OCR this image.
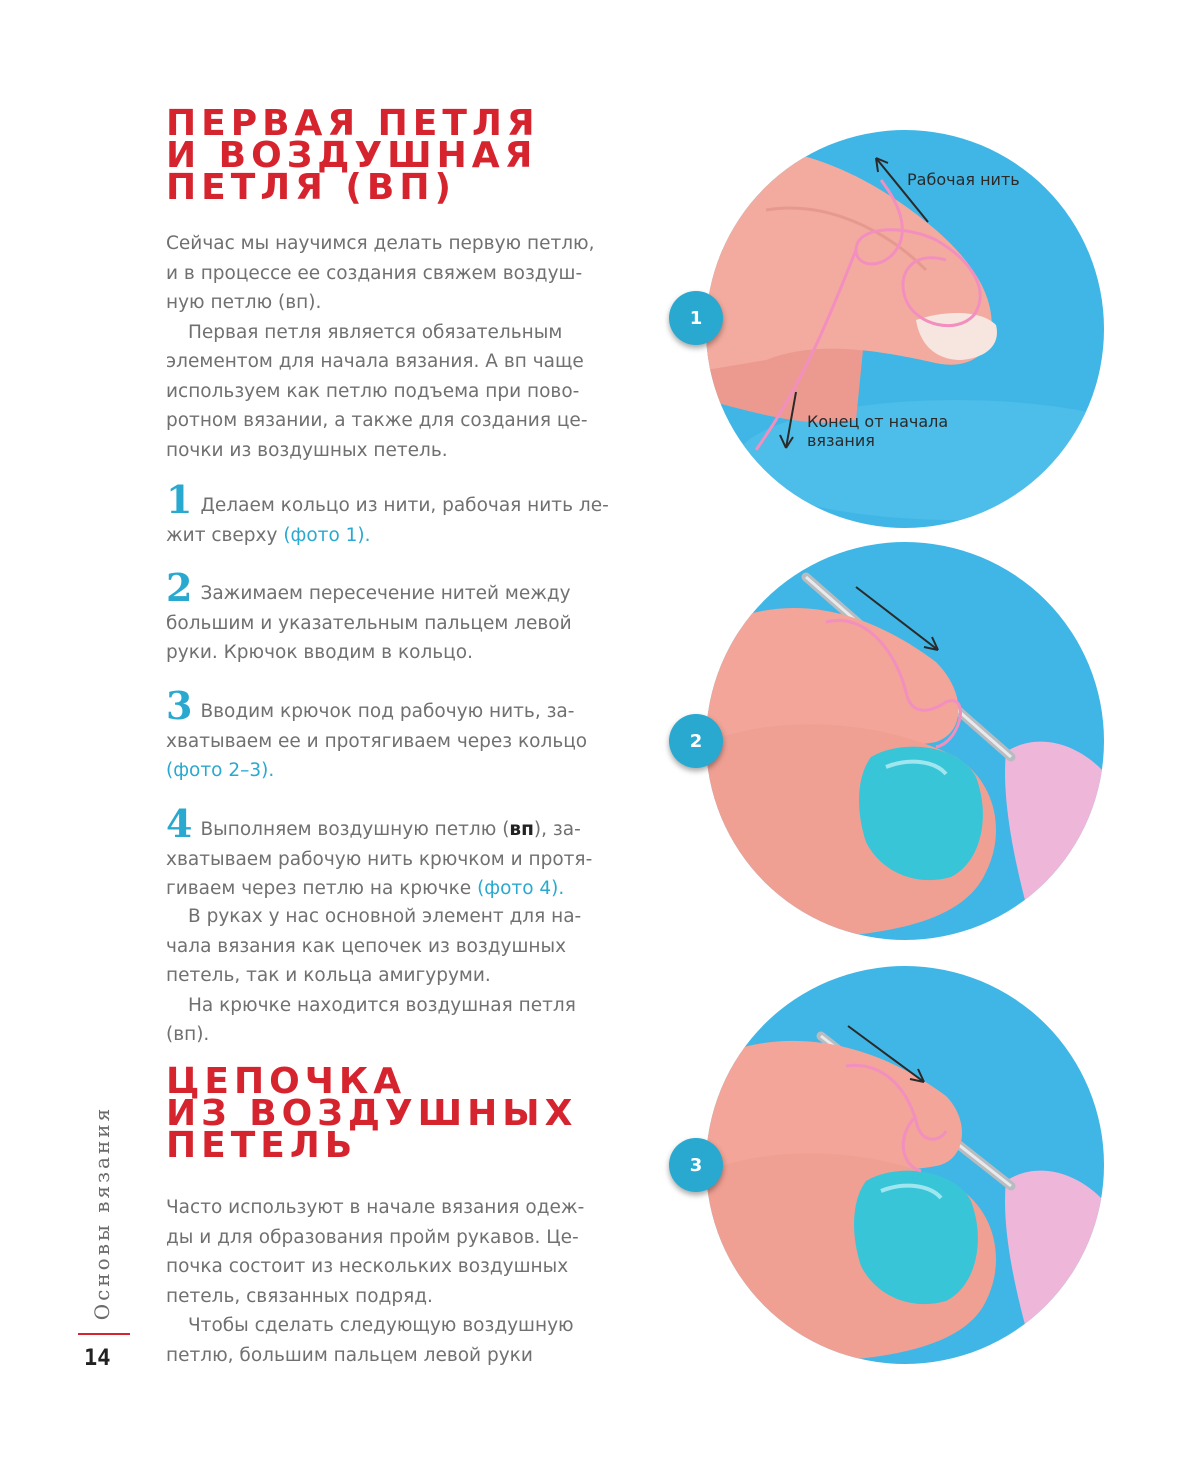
ПЕРВАЯ ПЕТЛЯ
И ВОЗДУШНАЯ
ПЕТЛЯ (ВП)

Сейчас мы научимся делать первую петлю,
и в процессе ее создания свяжем воздуш-
ную петлю (вп).
Первая петля является обязательным
элементом для начала вязания. А вп чаще
используем как петлю подъема при пово-
ротном вязании, а также для создания це-
почки из воздушных петель.

1 Делаем кольцо из нити, рабочая нить ле-
жит сверху (фото 1).

2 Зажимаем пересечение нитей между
большим и указательным пальцем левой
руки. Крючок вводим в кольцо.

3 Вводим крючок под рабочую нить, за-
хватываем ее и протягиваем через кольцо
(фото 2–3).

4 Выполняем воздушную петлю (вп), за-
хватываем рабочую нить крючком и протя-
гиваем через петлю на крючке (фото 4).

В руках у нас основной элемент для на-
чала вязания как цепочек из воздушных
петель, так и кольца амигуруми.
На крючке находится воздушная петля (вп).

ЦЕПОЧКА
ИЗ ВОЗДУШНЫХ
ПЕТЕЛЬ

Часто используют в начале вязания одеж-
ды и для образования пройм рукавов. Це-
почка состоит из нескольких воздушных
петель, связанных подряд.
Чтобы сделать следующую воздушную
петлю, большим пальцем левой руки

Рабочая нить
Конец от начала
вязания
1
2
3
Основы вязания
14
